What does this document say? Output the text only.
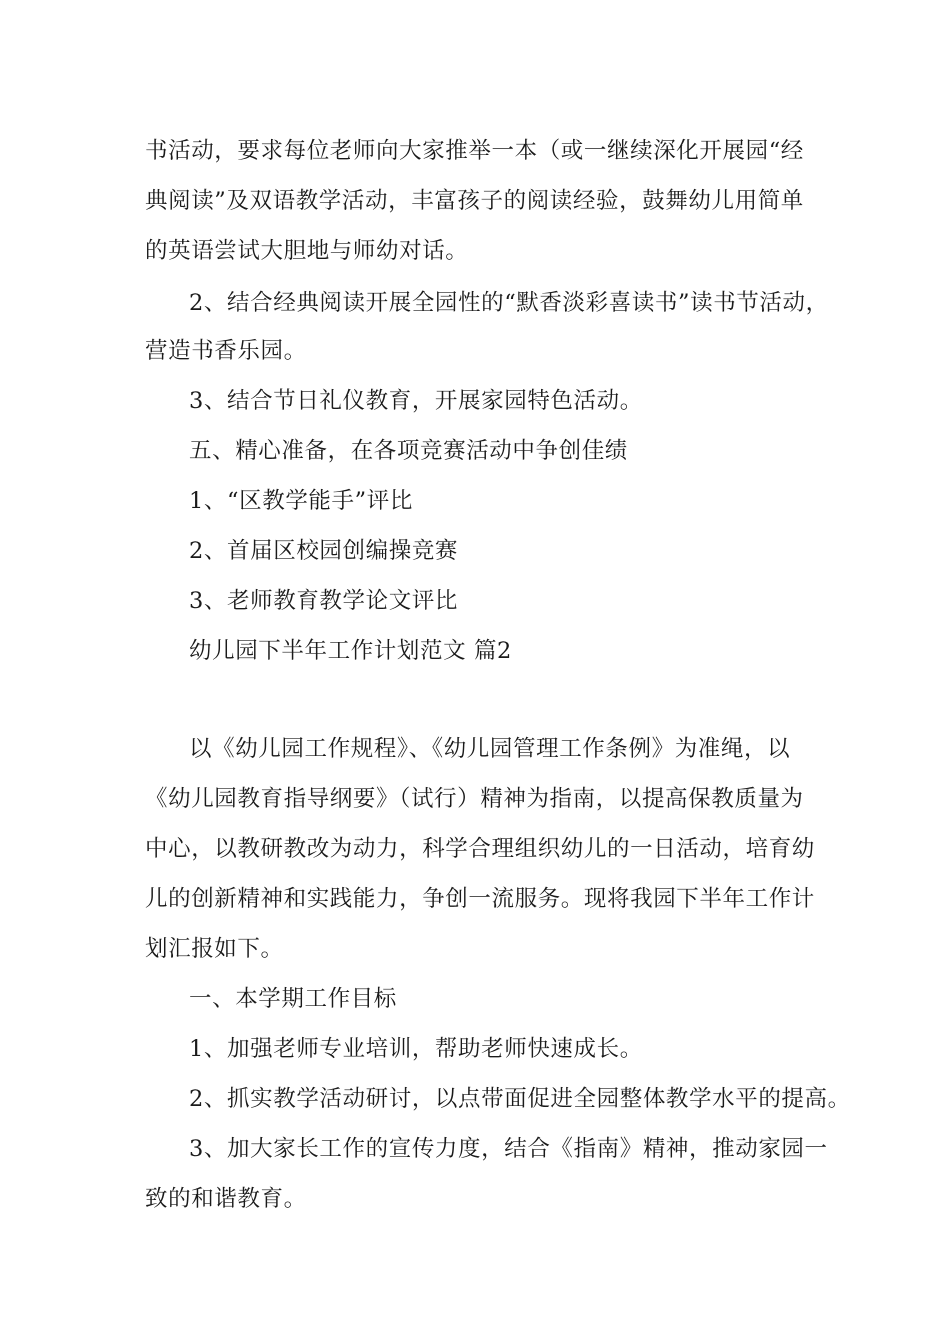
书活动，要求每位老师向大家推举一本（或一继续深化开展园“经
典阅读”及双语教学活动，丰富孩子的阅读经验，鼓舞幼儿用简单
的英语尝试大胆地与师幼对话。
2、结合经典阅读开展全园性的“默香淡彩喜读书”读书节活动，
营造书香乐园。
3、结合节日礼仪教育，开展家园特色活动。
五、精心准备，在各项竞赛活动中争创佳绩
1、“区教学能手”评比
2、首届区校园创编操竞赛
3、老师教育教学论文评比
幼儿园下半年工作计划范文 篇2
以《幼儿园工作规程》、《幼儿园管理工作条例》为准绳，以
《幼儿园教育指导纲要》（试行）精神为指南，以提高保教质量为
中心，以教研教改为动力，科学合理组织幼儿的一日活动，培育幼
儿的创新精神和实践能力，争创一流服务。现将我园下半年工作计
划汇报如下。
一、本学期工作目标
1、加强老师专业培训，帮助老师快速成长。
2、抓实教学活动研讨，以点带面促进全园整体教学水平的提高。
3、加大家长工作的宣传力度，结合《指南》精神，推动家园一
致的和谐教育。
